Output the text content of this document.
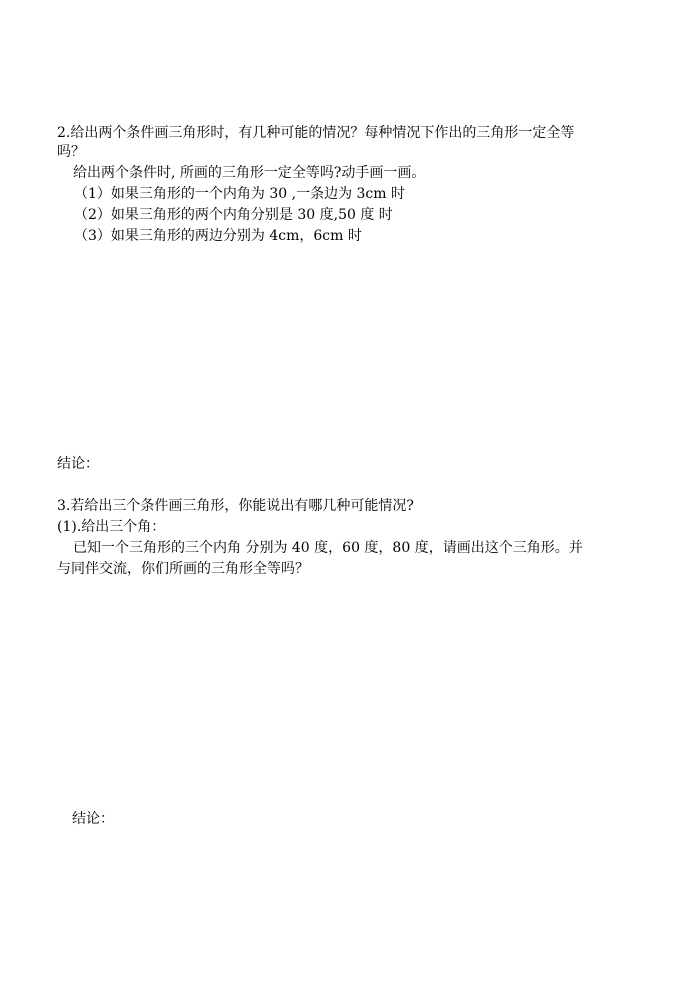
2.给出两个条件画三角形时，有几种可能的情况？每种情况下作出的三角形一定全等
吗？
给出两个条件时, 所画的三角形一定全等吗?动手画一画。
（1）如果三角形的一个内角为 30 ,一条边为 3cm 时
（2）如果三角形的两个内角分别是 30 度,50 度 时
（3）如果三角形的两边分别为 4cm，6cm 时
结论：
3.若给出三个条件画三角形，你能说出有哪几种可能情况?
(1).给出三个角：
已知一个三角形的三个内角 分别为 40 度，60 度，80 度，请画出这个三角形。并
与同伴交流，你们所画的三角形全等吗？
结论：
